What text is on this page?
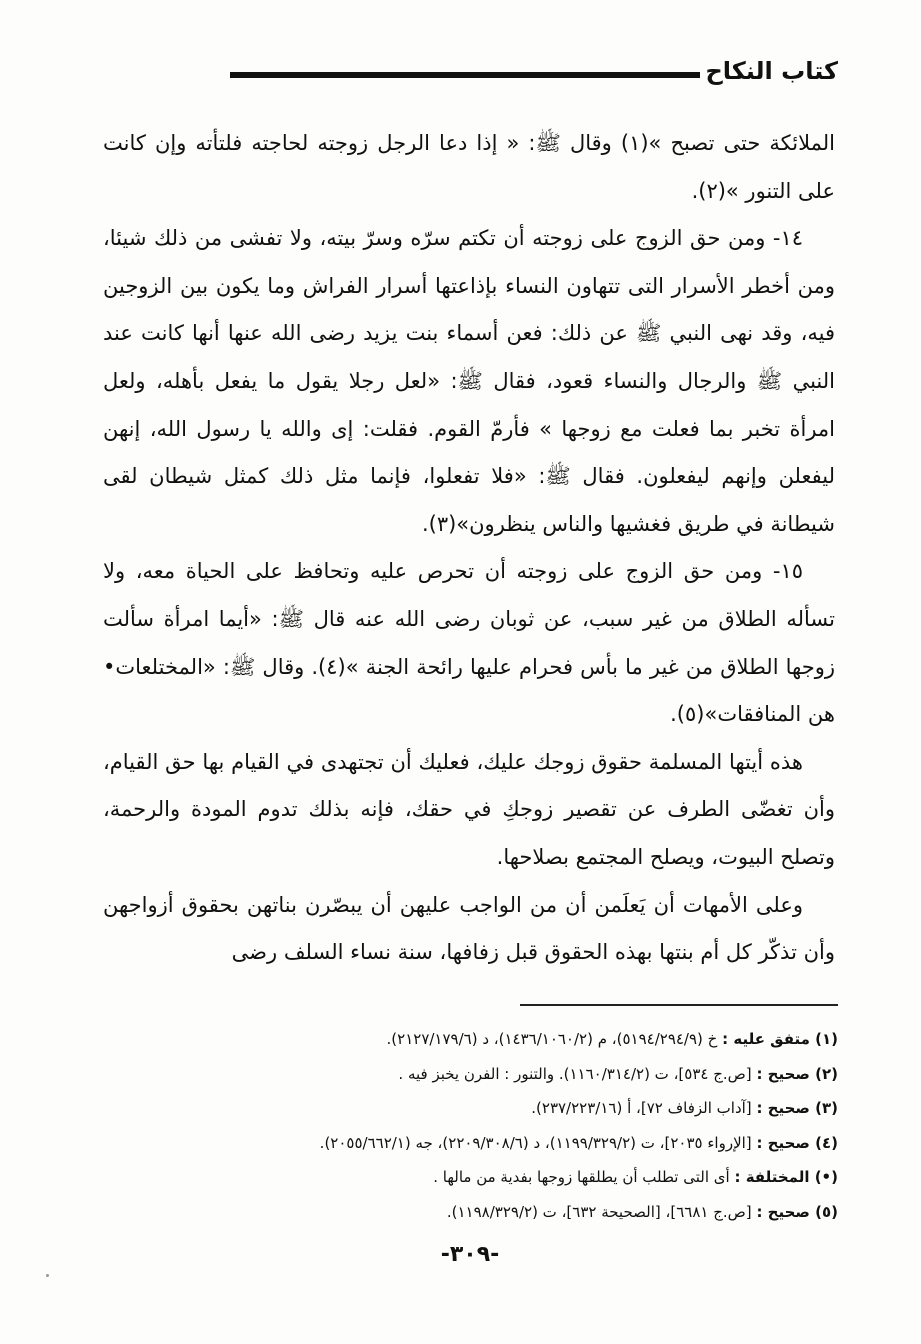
كتاب النكاح

الملائكة حتى تصبح »(١) وقال ﷺ: « إذا دعا الرجل زوجته لحاجته فلتأته وإن كانت على التنور »(٢).

١٤- ومن حق الزوج على زوجته أن تكتم سرّه وسرّ بيته، ولا تفشى من ذلك شيئا، ومن أخطر الأسرار التى تتهاون النساء بإذاعتها أسرار الفراش وما يكون بين الزوجين فيه، وقد نهى النبي ﷺ عن ذلك: فعن أسماء بنت يزيد رضى الله عنها أنها كانت عند النبي ﷺ والرجال والنساء قعود، فقال ﷺ: «لعل رجلا يقول ما يفعل بأهله، ولعل امرأة تخبر بما فعلت مع زوجها » فأرمّ القوم. فقلت: إى والله يا رسول الله، إنهن ليفعلن وإنهم ليفعلون. فقال ﷺ: «فلا تفعلوا، فإنما مثل ذلك كمثل شيطان لقى شيطانة في طريق فغشيها والناس ينظرون»(٣).

١٥- ومن حق الزوج على زوجته أن تحرص عليه وتحافظ على الحياة معه، ولا تسأله الطلاق من غير سبب، عن ثوبان رضى الله عنه قال ﷺ: «أيما امرأة سألت زوجها الطلاق من غير ما بأس فحرام عليها رائحة الجنة »(٤). وقال ﷺ: «المختلعات• هن المنافقات»(٥).

هذه أيتها المسلمة حقوق زوجك عليك، فعليك أن تجتهدى في القيام بها حق القيام، وأن تغضّى الطرف عن تقصير زوجكِ في حقك، فإنه بذلك تدوم المودة والرحمة، وتصلح البيوت، ويصلح المجتمع بصلاحها.

وعلى الأمهات أن يَعلَمن أن من الواجب عليهن أن يبصّرن بناتهن بحقوق أزواجهن وأن تذكّر كل أم بنتها بهذه الحقوق قبل زفافها، سنة نساء السلف رضى

(١) متفق عليه : خ (٥١٩٤/٢٩٤/٩)، م (١٤٣٦/١٠٦٠/٢)، د (٢١٢٧/١٧٩/٦).

(٢) صحيح : [ص.ج ٥٣٤]، ت (١١٦٠/٣١٤/٢). والتنور : الفرن يخبز فيه .

(٣) صحيح : [آداب الزفاف ٧٢]، أ (٢٣٧/٢٢٣/١٦).

(٤) صحيح : [الإرواء ٢٠٣٥]، ت (١١٩٩/٣٢٩/٢)، د (٢٢٠٩/٣٠٨/٦)، جه (٢٠٥٥/٦٦٢/١).

(•) المختلفة : أى التى تطلب أن يطلقها زوجها بفدية من مالها .

(٥) صحيح : [ص.ج ٦٦٨١]، [الصحيحة ٦٣٢]، ت (١١٩٨/٣٢٩/٢).

-٣٠٩-
